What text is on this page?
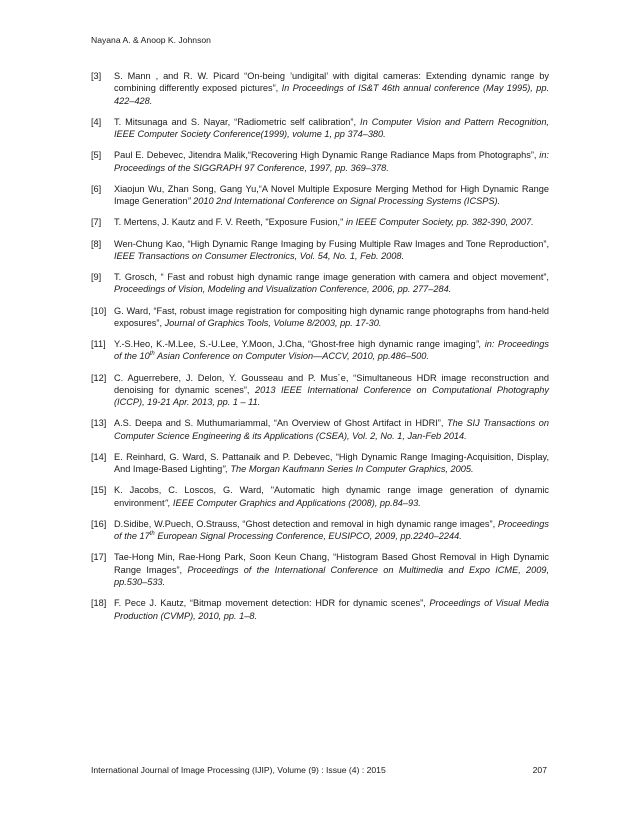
Nayana A. & Anoop K. Johnson
[3] S. Mann , and R. W. Picard “On-being ’undigital’ with digital cameras: Extending dynamic range by combining differently exposed pictures”, In Proceedings of IS&T 46th annual conference (May 1995), pp. 422–428.
[4] T. Mitsunaga and S. Nayar, “Radiometric self calibration”, In Computer Vision and Pattern Recognition, IEEE Computer Society Conference(1999), volume 1, pp 374–380.
[5] Paul E. Debevec, Jitendra Malik,“Recovering High Dynamic Range Radiance Maps from Photographs”, in: Proceedings of the SIGGRAPH 97 Conference, 1997, pp. 369–378.
[6] Xiaojun Wu, Zhan Song, Gang Yu,“A Novel Multiple Exposure Merging Method for High Dynamic Range Image Generation” 2010 2nd International Conference on Signal Processing Systems (ICSPS).
[7] T. Mertens, J. Kautz and F. V. Reeth, "Exposure Fusion," in IEEE Computer Society, pp. 382-390, 2007.
[8] Wen-Chung Kao, “High Dynamic Range Imaging by Fusing Multiple Raw Images and Tone Reproduction”, IEEE Transactions on Consumer Electronics, Vol. 54, No. 1, Feb. 2008.
[9] T. Grosch, “ Fast and robust high dynamic range image generation with camera and object movement”, Proceedings of Vision, Modeling and Visualization Conference, 2006, pp. 277–284.
[10] G. Ward, “Fast, robust image registration for compositing high dynamic range photographs from hand-held exposures”, Journal of Graphics Tools, Volume 8/2003, pp. 17-30.
[11] Y.-S.Heo, K.-M.Lee, S.-U.Lee, Y.Moon, J.Cha, “Ghost-free high dynamic range imaging”, in: Proceedings of the 10th Asian Conference on Computer Vision—ACCV, 2010, pp.486–500.
[12] C. Aguerrebere, J. Delon, Y. Gousseau and P. Mus´e, “Simultaneous HDR image reconstruction and denoising for dynamic scenes”, 2013 IEEE International Conference on Computational Photography (ICCP), 19-21 Apr. 2013, pp. 1 – 11.
[13] A.S. Deepa and S. Muthumariammal, “An Overview of Ghost Artifact in HDRI”, The SIJ Transactions on Computer Science Engineering & its Applications (CSEA), Vol. 2, No. 1, Jan-Feb 2014.
[14] E. Reinhard, G. Ward, S. Pattanaik and P. Debevec, “High Dynamic Range Imaging-Acquisition, Display, And Image-Based Lighting”, The Morgan Kaufmann Series In Computer Graphics, 2005.
[15] K. Jacobs, C. Loscos, G. Ward, "Automatic high dynamic range image generation of dynamic environment", IEEE Computer Graphics and Applications (2008), pp.84–93.
[16] D.Sidibe, W.Puech, O.Strauss, “Ghost detection and removal in high dynamic range images”, Proceedings of the 17th European Signal Processing Conference, EUSIPCO, 2009, pp.2240–2244.
[17] Tae-Hong Min, Rae-Hong Park, Soon Keun Chang, “Histogram Based Ghost Removal in High Dynamic Range Images”, Proceedings of the International Conference on Multimedia and Expo ICME, 2009, pp.530–533.
[18] F. Pece J. Kautz, “Bitmap movement detection: HDR for dynamic scenes”, Proceedings of Visual Media Production (CVMP), 2010, pp. 1–8.
International Journal of Image Processing (IJIP), Volume (9) : Issue (4) : 2015	207
